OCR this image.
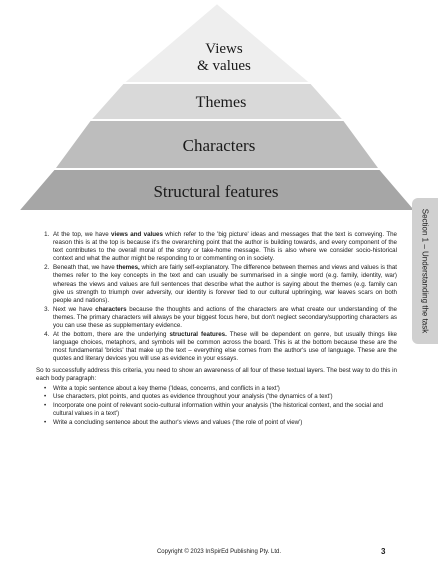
Views
& values
Themes
Characters
Structural features
Section 1 – Understanding the task
1. At the top, we have views and values which refer to the 'big picture' ideas and messages that the text is conveying. The reason this is at the top is because it's the overarching point that the author is building towards, and every component of the text contributes to the overall moral of the story or take-home message. This is also where we consider socio-historical context and what the author might be responding to or commenting on in society.
2. Beneath that, we have themes, which are fairly self-explanatory. The difference between themes and views and values is that themes refer to the key concepts in the text and can usually be summarised in a single word (e.g. family, identity, war) whereas the views and values are full sentences that describe what the author is saying about the themes (e.g. family can give us strength to triumph over adversity, our identity is forever tied to our cultural upbringing, war leaves scars on both people and nations).
3. Next we have characters because the thoughts and actions of the characters are what create our understanding of the themes. The primary characters will always be your biggest focus here, but don't neglect secondary/supporting characters as you can use these as supplementary evidence.
4. At the bottom, there are the underlying structural features. These will be dependent on genre, but usually things like language choices, metaphors, and symbols will be common across the board. This is at the bottom because these are the most fundamental 'bricks' that make up the text – everything else comes from the author's use of language. These are the quotes and literary devices you will use as evidence in your essays.

So to successfully address this criteria, you need to show an awareness of all four of these textual layers. The best way to do this in each body paragraph:

• Write a topic sentence about a key theme ('Ideas, concerns, and conflicts in a text')
• Use characters, plot points, and quotes as evidence throughout your analysis ('the dynamics of a text')
• Incorporate one point of relevant socio-cultural information within your analysis ('the historical context, and the social and cultural values in a text')
• Write a concluding sentence about the author's views and values ('the role of point of view')
Copyright © 2023 InSpirEd Publishing Pty. Ltd.	3
